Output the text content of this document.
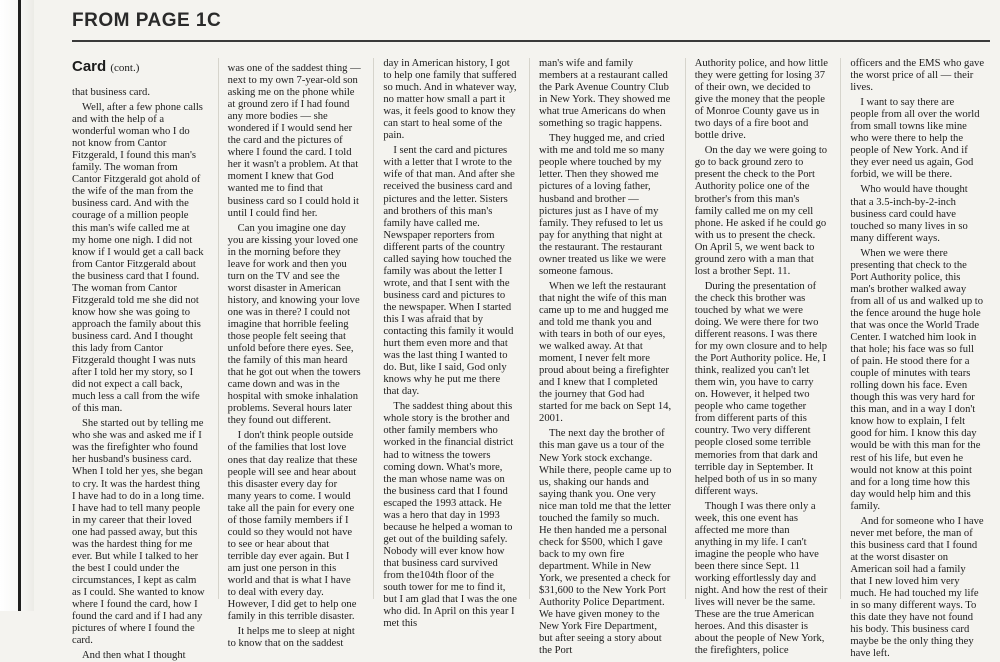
FROM PAGE 1C
Card (cont.)

that business card.

Well, after a few phone calls and with the help of a wonderful woman who I do not know from Cantor Fitzgerald, I found this man's family. The woman from Cantor Fitzgerald got ahold of the wife of the man from the business card. And with the courage of a million people this man's wife called me at my home one nigh. I did not know if I would get a call back from Cantor Fitzgerald about the business card that I found. The woman from Cantor Fitzgerald told me she did not know how she was going to approach the family about this business card. And I thought this lady from Cantor Fitzgerald thought I was nuts after I told her my story, so I did not expect a call back, much less a call from the wife of this man.

She started out by telling me who she was and asked me if I was the firefighter who found her husband's business card. When I told her yes, she began to cry. It was the hardest thing I have had to do in a long time. I have had to tell many people in my career that their loved one had passed away, but this was the hardest thing for me ever. But while I talked to her the best I could under the circumstances, I kept as calm as I could. She wanted to know where I found the card, how I found the card and if I had any pictures of where I found the card.

And then what I thought

was one of the saddest thing — next to my own 7-year-old son asking me on the phone while at ground zero if I had found any more bodies — she wondered if I would send her the card and the pictures of where I found the card. I told her it wasn't a problem. At that moment I knew that God wanted me to find that business card so I could hold it until I could find her.

Can you imagine one day you are kissing your loved one in the morning before they leave for work and then you turn on the TV and see the worst disaster in American history, and knowing your love one was in there? I could not imagine that horrible feeling those people felt seeing that unfold before there eyes. See, the family of this man heard that he got out when the towers came down and was in the hospital with smoke inhalation problems. Several hours later they found out different.

I don't think people outside of the families that lost love ones that day realize that these people will see and hear about this disaster every day for many years to come. I would take all the pain for every one of those family members if I could so they would not have to see or hear about that terrible day ever again. But I am just one person in this world and that is what I have to deal with every day. However, I did get to help one family in this terrible disaster.

It helps me to sleep at night to know that on the saddest

day in American history, I got to help one family that suffered so much. And in whatever way, no matter how small a part it was, it feels good to know they can start to heal some of the pain.

I sent the card and pictures with a letter that I wrote to the wife of that man. And after she received the business card and pictures and the letter. Sisters and brothers of this man's family have called me. Newspaper reporters from different parts of the country called saying how touched the family was about the letter I wrote, and that I sent with the business card and pictures to the newspaper. When I started this I was afraid that by contacting this family it would hurt them even more and that was the last thing I wanted to do. But, like I said, God only knows why he put me there that day.

The saddest thing about this whole story is the brother and other family members who worked in the financial district had to witness the towers coming down. What's more, the man whose name was on the business card that I found escaped the 1993 attack. He was a hero that day in 1993 because he helped a woman to get out of the building safely. Nobody will ever know how that business card survived from the104th floor of the south tower for me to find it, but I am glad that I was the one who did. In April on this year I met this

man's wife and family members at a restaurant called the Park Avenue Country Club in New York. They showed me what true Americans do when something so tragic happens.

They hugged me, and cried with me and told me so many people where touched by my letter. Then they showed me pictures of a loving father, husband and brother — pictures just as I have of my family. They refused to let us pay for anything that night at the restaurant. The restaurant owner treated us like we were someone famous.

When we left the restaurant that night the wife of this man came up to me and hugged me and told me thank you and with tears in both of our eyes, we walked away. At that moment, I never felt more proud about being a firefighter and I knew that I completed the journey that God had started for me back on Sept 14, 2001.

The next day the brother of this man gave us a tour of the New York stock exchange. While there, people came up to us, shaking our hands and saying thank you. One very nice man told me that the letter touched the family so much. He then handed me a personal check for $500, which I gave back to my own fire department. While in New York, we presented a check for $31,600 to the New York Port Authority Police Department. We have given money to the New York Fire Department, but after seeing a story about the Port

Authority police, and how little they were getting for losing 37 of their own, we decided to give the money that the people of Monroe County gave us in two days of a fire boot and bottle drive.

On the day we were going to go to back ground zero to present the check to the Port Authority police one of the brother's from this man's family called me on my cell phone. He asked if he could go with us to present the check. On April 5, we went back to ground zero with a man that lost a brother Sept. 11.

During the presentation of the check this brother was touched by what we were doing. We were there for two different reasons. I was there for my own closure and to help the Port Authority police. He, I think, realized you can't let them win, you have to carry on. However, it helped two people who came together from different parts of this country. Two very different people closed some terrible memories from that dark and terrible day in September. It helped both of us in so many different ways.

Though I was there only a week, this one event has affected me more than anything in my life. I can't imagine the people who have been there since Sept. 11 working effortlessly day and night. And how the rest of their lives will never be the same. These are the true American heroes. And this disaster is about the people of New York, the firefighters, police

officers and the EMS who gave the worst price of all — their lives.

I want to say there are people from all over the world from small towns like mine who were there to help the people of New York. And if they ever need us again, God forbid, we will be there.

Who would have thought that a 3.5-inch-by-2-inch business card could have touched so many lives in so many different ways.

When we were there presenting that check to the Port Authority police, this man's brother walked away from all of us and walked up to the fence around the huge hole that was once the World Trade Center. I watched him look in that hole; his face was so full of pain. He stood there for a couple of minutes with tears rolling down his face. Even though this was very hard for this man, and in a way I don't know how to explain, I felt good for him. I know this day would be with this man for the rest of his life, but even he would not know at this point and for a long time how this day would help him and this family.

And for someone who I have never met before, the man of this business card that I found at the worst disaster on American soil had a family that I new loved him very much. He had touched my life in so many different ways. To this date they have not found his body. This business card maybe be the only thing they have left.
